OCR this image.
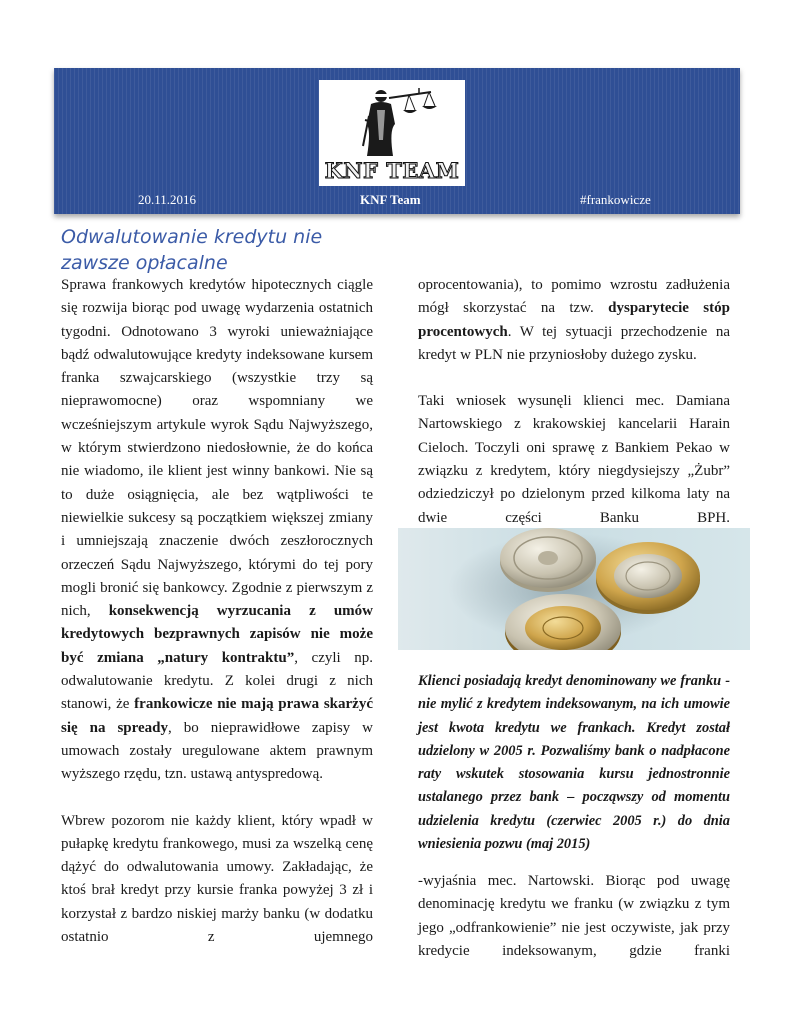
KNF TEAM
20.11.2016	KNF Team	#frankowicze
Odwalutowanie kredytu nie
zawsze opłacalne

Sprawa frankowych kredytów hipotecznych ciągle się rozwija biorąc pod uwagę wydarzenia ostatnich tygodni. Odnotowano 3 wyroki unieważniające bądź odwalutowujące kredyty indeksowane kursem franka szwajcarskiego (wszystkie trzy są nieprawomocne) oraz wspomniany we wcześniejszym artykule wyrok Sądu Najwyższego, w którym stwierdzono niedosłownie, że do końca nie wiadomo, ile klient jest winny bankowi. Nie są to duże osiągnięcia, ale bez wątpliwości te niewielkie sukcesy są początkiem większej zmiany i umniejszają znaczenie dwóch zeszłorocznych orzeczeń Sądu Najwyższego, którymi do tej pory mogli bronić się bankowcy. Zgodnie z pierwszym z nich, konsekwencją wyrzucania z umów kredytowych bezprawnych zapisów nie może być zmiana „natury kontraktu”, czyli np. odwalutowanie kredytu. Z kolei drugi z nich stanowi, że frankowicze nie mają prawa skarżyć się na spready, bo nieprawidłowe zapisy w umowach zostały uregulowane aktem prawnym wyższego rzędu, tzn. ustawą antyspredową.

Wbrew pozorom nie każdy klient, który wpadł w pułapkę kredytu frankowego, musi za wszelką cenę dążyć do odwalutowania umowy. Zakładając, że ktoś brał kredyt przy kursie franka powyżej 3 zł i korzystał z bardzo niskiej marży banku (w dodatku ostatnio z ujemnego

oprocentowania), to pomimo wzrostu zadłużenia mógł skorzystać na tzw. dysparytecie stóp procentowych. W tej sytuacji przechodzenie na kredyt w PLN nie przyniosłoby dużego zysku.

Taki wniosek wysunęli klienci mec. Damiana Nartowskiego z krakowskiej kancelarii Harain Cieloch. Toczyli oni sprawę z Bankiem Pekao w związku z kredytem, który niegdysiejszy „Żubr” odziedziczył po dzielonym przed kilkoma laty na dwie części Banku BPH.

Klienci posiadają kredyt denominowany we franku - nie mylić z kredytem indeksowanym, na ich umowie jest kwota kredytu we frankach. Kredyt został udzielony w 2005 r. Pozwaliśmy bank o nadpłacone raty wskutek stosowania kursu jednostronnie ustalanego przez bank – począwszy od momentu udzielenia kredytu (czerwiec 2005 r.) do dnia wniesienia pozwu (maj 2015)

-wyjaśnia mec. Nartowski. Biorąc pod uwagę denominację kredytu we franku (w związku z tym jego „odfrankowienie” nie jest oczywiste, jak przy kredycie indeksowanym, gdzie franki
